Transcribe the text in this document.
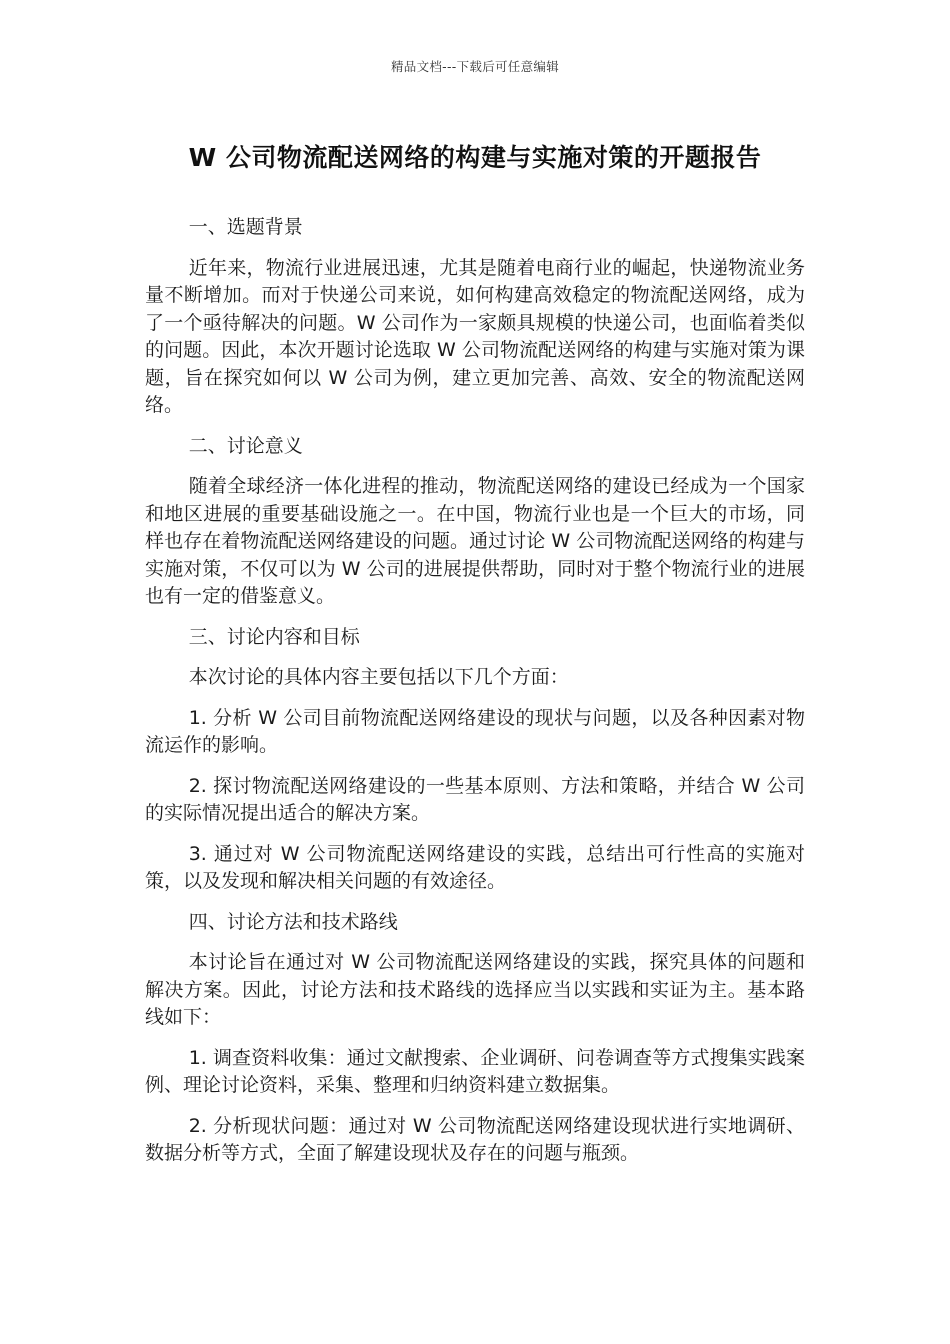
精品文档---下载后可任意编辑
W 公司物流配送网络的构建与实施对策的开题报告
一、选题背景

近年来，物流行业进展迅速，尤其是随着电商行业的崛起，快递物流业务量不断增加。而对于快递公司来说，如何构建高效稳定的物流配送网络，成为了一个亟待解决的问题。W 公司作为一家颇具规模的快递公司，也面临着类似的问题。因此，本次开题讨论选取 W 公司物流配送网络的构建与实施对策为课题，旨在探究如何以 W 公司为例，建立更加完善、高效、安全的物流配送网络。

二、讨论意义

随着全球经济一体化进程的推动，物流配送网络的建设已经成为一个国家和地区进展的重要基础设施之一。在中国，物流行业也是一个巨大的市场，同样也存在着物流配送网络建设的问题。通过讨论 W 公司物流配送网络的构建与实施对策，不仅可以为 W 公司的进展提供帮助，同时对于整个物流行业的进展也有一定的借鉴意义。

三、讨论内容和目标

本次讨论的具体内容主要包括以下几个方面：

1. 分析 W 公司目前物流配送网络建设的现状与问题，以及各种因素对物流运作的影响。

2. 探讨物流配送网络建设的一些基本原则、方法和策略，并结合 W 公司的实际情况提出适合的解决方案。

3. 通过对 W 公司物流配送网络建设的实践，总结出可行性高的实施对策，以及发现和解决相关问题的有效途径。

四、讨论方法和技术路线

本讨论旨在通过对 W 公司物流配送网络建设的实践，探究具体的问题和解决方案。因此，讨论方法和技术路线的选择应当以实践和实证为主。基本路线如下：

1. 调查资料收集：通过文献搜索、企业调研、问卷调查等方式搜集实践案例、理论讨论资料，采集、整理和归纳资料建立数据集。

2. 分析现状问题：通过对 W 公司物流配送网络建设现状进行实地调研、数据分析等方式，全面了解建设现状及存在的问题与瓶颈。
